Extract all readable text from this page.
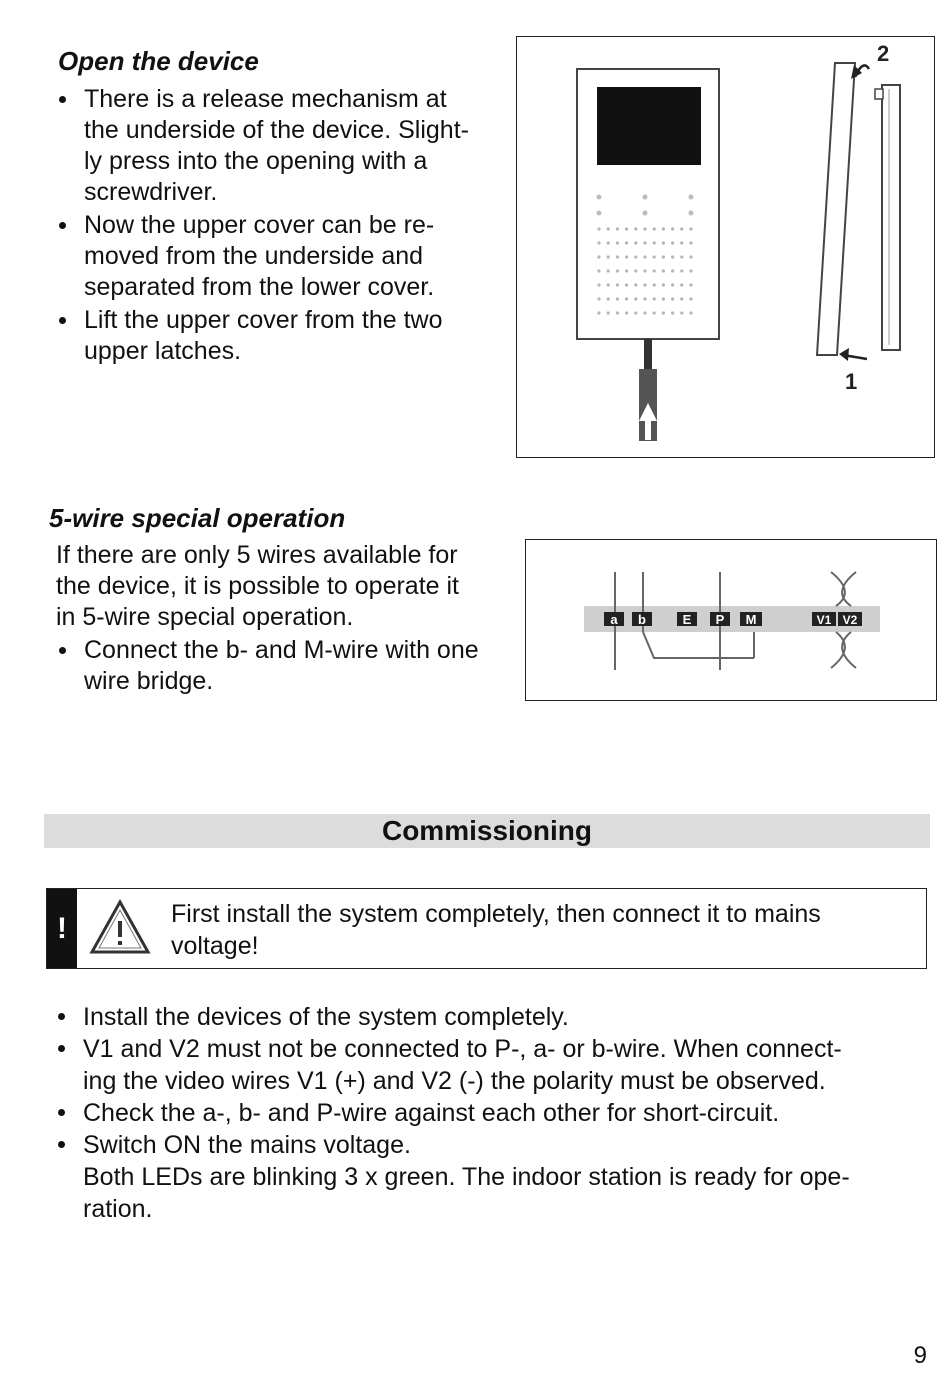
Open the device
There is a release mechanism at
the underside of the device. Slight-
ly press into the opening with a
screwdriver.
Now the upper cover can be re-
moved from the underside and
separated from the lower cover.
Lift the upper cover from the two
upper latches.
2
1
5-wire special operation
If there are only 5 wires available for
the device, it is possible to operate it
in 5-wire special operation.
Connect the b- and M-wire with one
wire bridge.
a b	E P M	V1 V2
Commissioning
!	First install the system completely, then connect it to mains
voltage!
Install the devices of the system completely.
V1 and V2 must not be connected to P-, a- or b-wire. When connect-
ing the video wires V1 (+) and V2 (-) the polarity must be observed.
Check the a-, b- and P-wire against each other for short-circuit.
Switch ON the mains voltage.
Both LEDs are blinking 3 x green. The indoor station is ready for ope-
ration.
9
